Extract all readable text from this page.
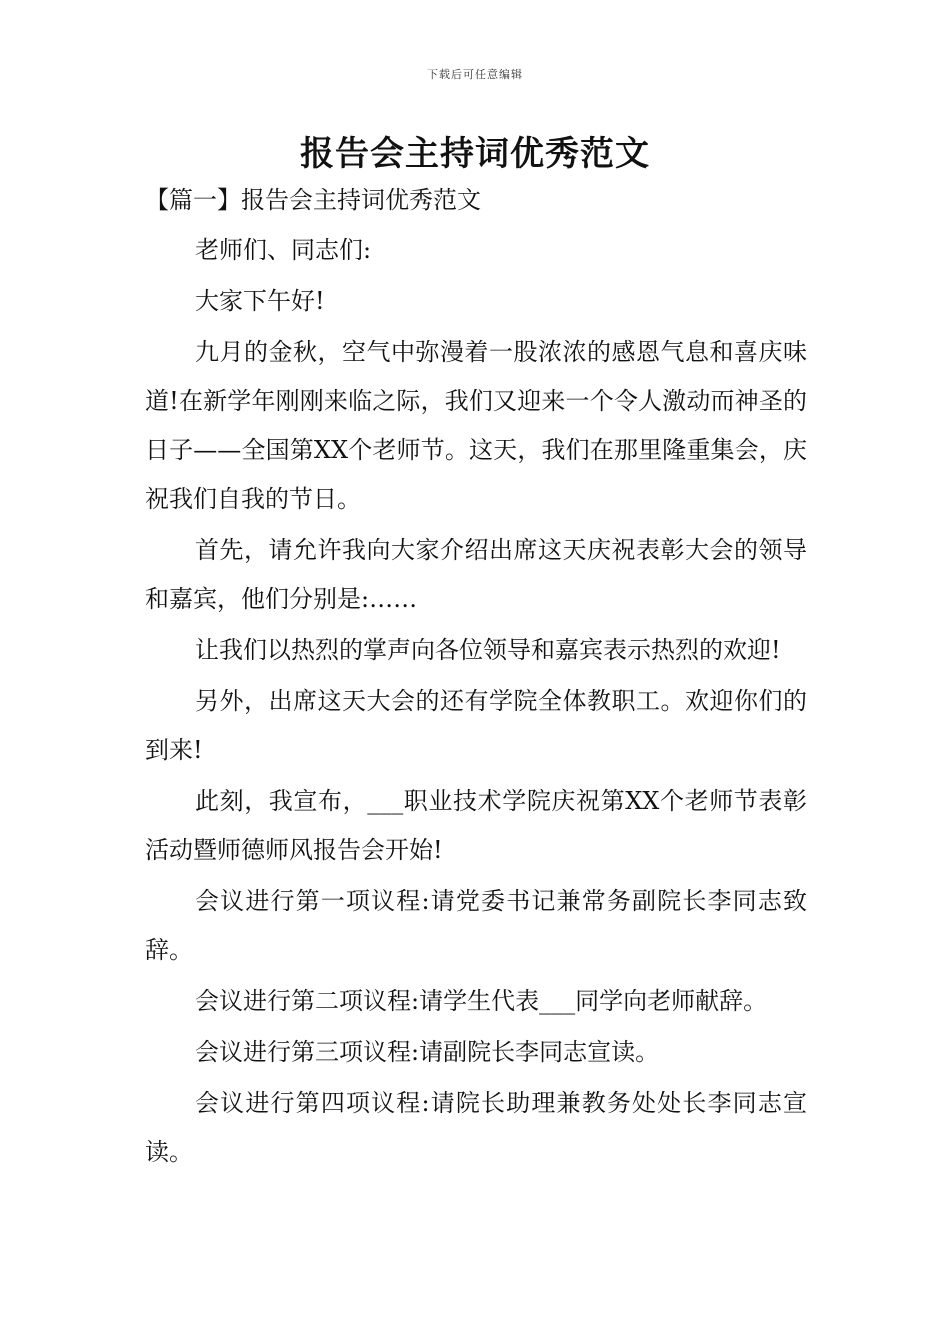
下载后可任意编辑
报告会主持词优秀范文
【篇一】报告会主持词优秀范文

老师们、同志们:

大家下午好!

九月的金秋，空气中弥漫着一股浓浓的感恩气息和喜庆味道!在新学年刚刚来临之际，我们又迎来一个令人激动而神圣的日子——全国第XX个老师节。这天，我们在那里隆重集会，庆祝我们自我的节日。

首先，请允许我向大家介绍出席这天庆祝表彰大会的领导和嘉宾，他们分别是:……

让我们以热烈的掌声向各位领导和嘉宾表示热烈的欢迎!

另外，出席这天大会的还有学院全体教职工。欢迎你们的到来!

此刻，我宣布，___职业技术学院庆祝第XX个老师节表彰活动暨师德师风报告会开始!

会议进行第一项议程:请党委书记兼常务副院长李同志致辞。

会议进行第二项议程:请学生代表___同学向老师献辞。

会议进行第三项议程:请副院长李同志宣读。

会议进行第四项议程:请院长助理兼教务处处长李同志宣读。
